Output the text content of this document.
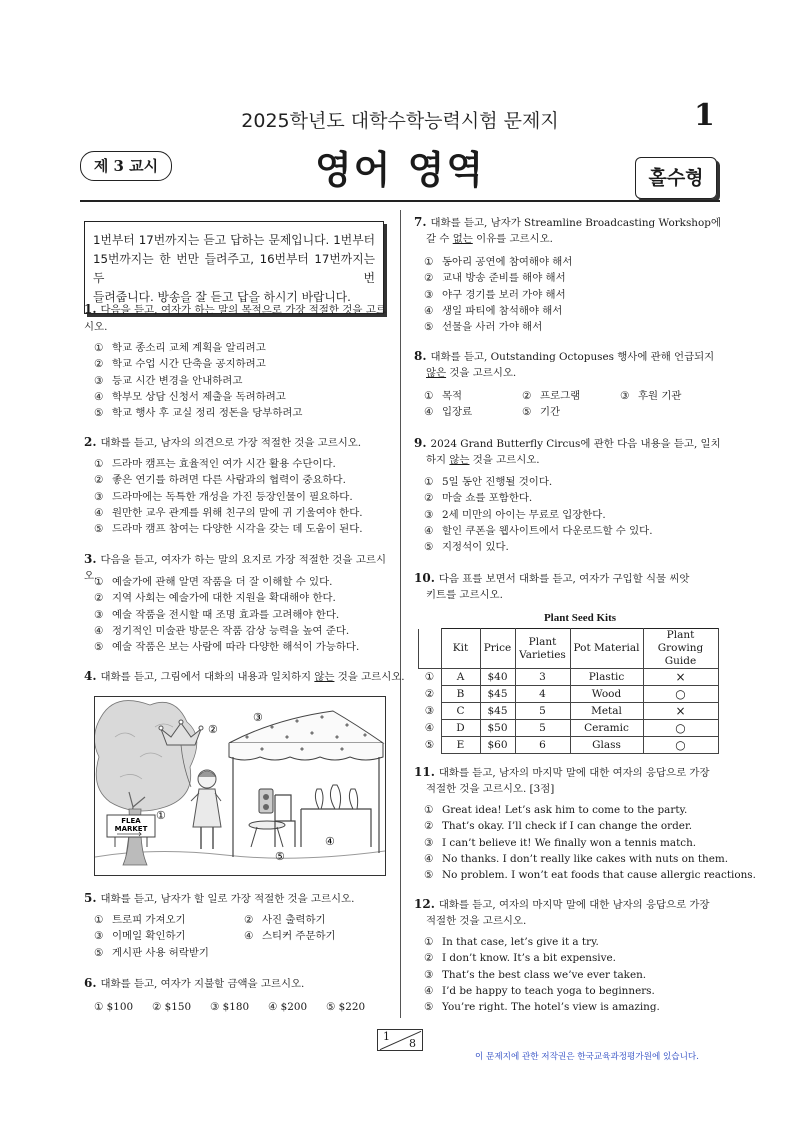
2025학년도 대학수학능력시험 문제지	1
제 3 교시	영어 영역	홀수형
1번부터 17번까지는 듣고 답하는 문제입니다. 1번부터
15번까지는 한 번만 들려주고, 16번부터 17번까지는 두 번
들려줍니다. 방송을 잘 듣고 답을 하시기 바랍니다.
1. 다음을 듣고, 여자가 하는 말의 목적으로 가장 적절한 것을 고르시오.
① 학교 종소리 교체 계획을 알리려고
② 학교 수업 시간 단축을 공지하려고
③ 등교 시간 변경을 안내하려고
④ 학부모 상담 신청서 제출을 독려하려고
⑤ 학교 행사 후 교실 정리 정돈을 당부하려고
2. 대화를 듣고, 남자의 의견으로 가장 적절한 것을 고르시오.
① 드라마 캠프는 효율적인 여가 시간 활용 수단이다.
② 좋은 연기를 하려면 다른 사람과의 협력이 중요하다.
③ 드라마에는 독특한 개성을 가진 등장인물이 필요하다.
④ 원만한 교우 관계를 위해 친구의 말에 귀 기울여야 한다.
⑤ 드라마 캠프 참여는 다양한 시각을 갖는 데 도움이 된다.
3. 다음을 듣고, 여자가 하는 말의 요지로 가장 적절한 것을 고르시오.
① 예술가에 관해 알면 작품을 더 잘 이해할 수 있다.
② 지역 사회는 예술가에 대한 지원을 확대해야 한다.
③ 예술 작품을 전시할 때 조명 효과를 고려해야 한다.
④ 정기적인 미술관 방문은 작품 감상 능력을 높여 준다.
⑤ 예술 작품은 보는 사람에 따라 다양한 해석이 가능하다.
4. 대화를 듣고, 그림에서 대화의 내용과 일치하지 않는 것을 고르시오.
FLEA
MARKET
②
③
①
④
⑤
5. 대화를 듣고, 남자가 할 일로 가장 적절한 것을 고르시오.
① 트로피 가져오기	② 사진 출력하기
③ 이메일 확인하기	④ 스티커 주문하기
⑤ 게시판 사용 허락받기
6. 대화를 듣고, 여자가 지불할 금액을 고르시오.
① $100 ② $150 ③ $180 ④ $200 ⑤ $220
7. 대화를 듣고, 남자가 Streamline Broadcasting Workshop에
갈 수 없는 이유를 고르시오.
① 동아리 공연에 참여해야 해서
② 교내 방송 준비를 해야 해서
③ 야구 경기를 보러 가야 해서
④ 생일 파티에 참석해야 해서
⑤ 선물을 사러 가야 해서
8. 대화를 듣고, Outstanding Octopuses 행사에 관해 언급되지
않은 것을 고르시오.
① 목적	② 프로그램	③ 후원 기관
④ 입장료	⑤ 기간
9. 2024 Grand Butterfly Circus에 관한 다음 내용을 듣고, 일치
하지 않는 것을 고르시오.
① 5일 동안 진행될 것이다.
② 마술 쇼를 포함한다.
③ 2세 미만의 아이는 무료로 입장한다.
④ 할인 쿠폰을 웹사이트에서 다운로드할 수 있다.
⑤ 지정석이 있다.
10. 다음 표를 보면서 대화를 듣고, 여자가 구입할 식물 씨앗
키트를 고르시오.
Plant Seed Kits
	Kit	Price	Plant Varieties	Pot Material	Plant Growing Guide
①	A	$40	3	Plastic	×
②	B	$45	4	Wood	○
③	C	$45	5	Metal	×
④	D	$50	5	Ceramic	○
⑤	E	$60	6	Glass	○
11. 대화를 듣고, 남자의 마지막 말에 대한 여자의 응답으로 가장
적절한 것을 고르시오. [3점]
① Great idea! Let’s ask him to come to the party.
② That’s okay. I’ll check if I can change the order.
③ I can’t believe it! We finally won a tennis match.
④ No thanks. I don’t really like cakes with nuts on them.
⑤ No problem. I won’t eat foods that cause allergic reactions.
12. 대화를 듣고, 여자의 마지막 말에 대한 남자의 응답으로 가장
적절한 것을 고르시오.
① In that case, let’s give it a try.
② I don’t know. It’s a bit expensive.
③ That’s the best class we’ve ever taken.
④ I’d be happy to teach yoga to beginners.
⑤ You’re right. The hotel’s view is amazing.
1
8
이 문제지에 관한 저작권은 한국교육과정평가원에 있습니다.
